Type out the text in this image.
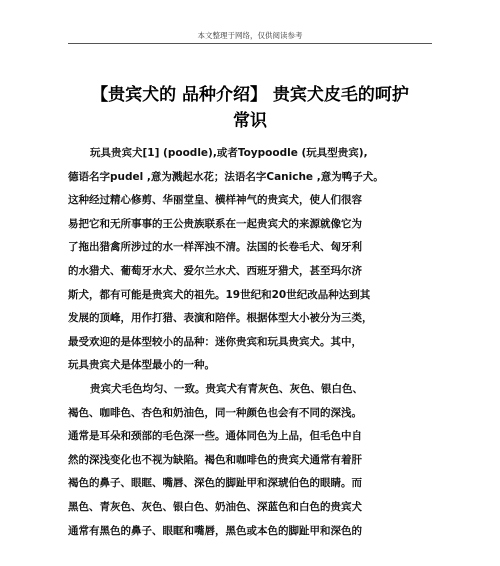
本文整理于网络，仅供阅读参考
【贵宾犬的 品种介绍】 贵宾犬皮毛的呵护
常识
玩具贵宾犬[1] (poodle),或者Toypoodle (玩具型贵宾),
德语名字pudel ,意为溅起水花；法语名字Caniche ,意为鸭子犬。
这种经过精心修剪、华丽堂皇、横样神气的贵宾犬，使人们很容
易把它和无所事事的王公贵族联系在一起贵宾犬的来源就像它为
了拖出猎禽所涉过的水一样浑浊不清。法国的长卷毛犬、匈牙利
的水猎犬、葡萄牙水犬、爱尔兰水犬、西班牙猎犬，甚至玛尔济
斯犬，都有可能是贵宾犬的祖先。19世纪和20世纪改品种达到其
发展的顶峰，用作打猎、表演和陪伴。根据体型大小被分为三类，
最受欢迎的是体型较小的品种：迷你贵宾和玩具贵宾犬。其中，
玩具贵宾犬是体型最小的一种。
贵宾犬毛色均匀、一致。贵宾犬有青灰色、灰色、银白色、
褐色、咖啡色、杏色和奶油色，同一种颜色也会有不同的深浅。
通常是耳朵和颈部的毛色深一些。通体同色为上品，但毛色中自
然的深浅变化也不视为缺陷。褐色和咖啡色的贵宾犬通常有着肝
褐色的鼻子、眼眶、嘴唇、深色的脚趾甲和深琥伯色的眼睛。而
黑色、青灰色、灰色、银白色、奶油色、深蓝色和白色的贵宾犬
通常有黑色的鼻子、眼眶和嘴唇，黑色或本色的脚趾甲和深色的
